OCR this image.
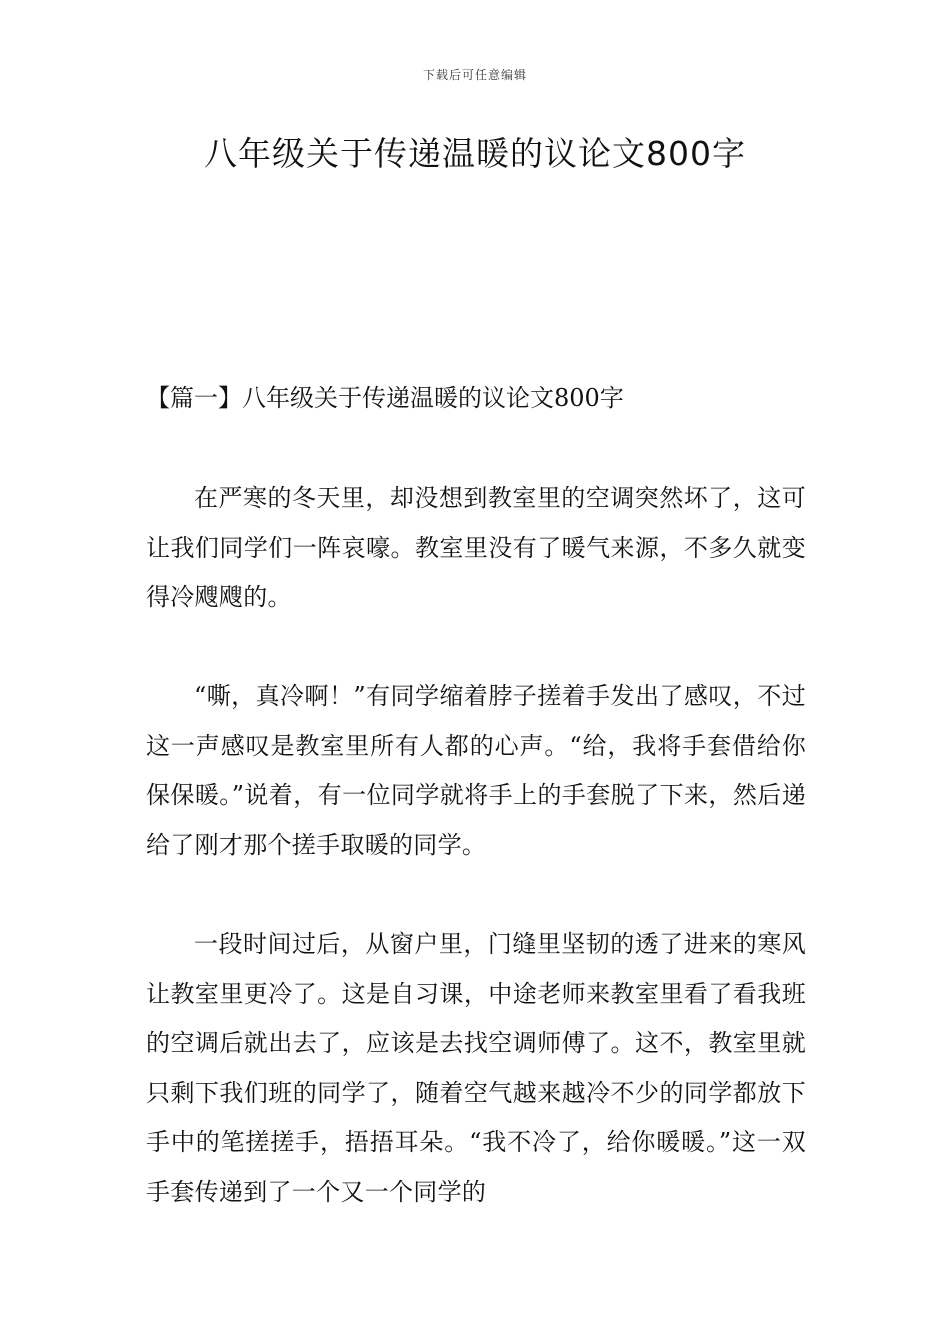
下载后可任意编辑
八年级关于传递温暖的议论文800字
【篇一】八年级关于传递温暖的议论文800字

在严寒的冬天里，却没想到教室里的空调突然坏了，这可让我们同学们一阵哀嚎。教室里没有了暖气来源，不多久就变得冷飕飕的。

“嘶，真冷啊！”有同学缩着脖子搓着手发出了感叹，不过这一声感叹是教室里所有人都的心声。“给，我将手套借给你保保暖。”说着，有一位同学就将手上的手套脱了下来，然后递给了刚才那个搓手取暖的同学。

一段时间过后，从窗户里，门缝里坚韧的透了进来的寒风让教室里更冷了。这是自习课，中途老师来教室里看了看我班的空调后就出去了，应该是去找空调师傅了。这不，教室里就只剩下我们班的同学了，随着空气越来越冷不少的同学都放下手中的笔搓搓手，捂捂耳朵。“我不冷了，给你暖暖。”这一双手套传递到了一个又一个同学的
